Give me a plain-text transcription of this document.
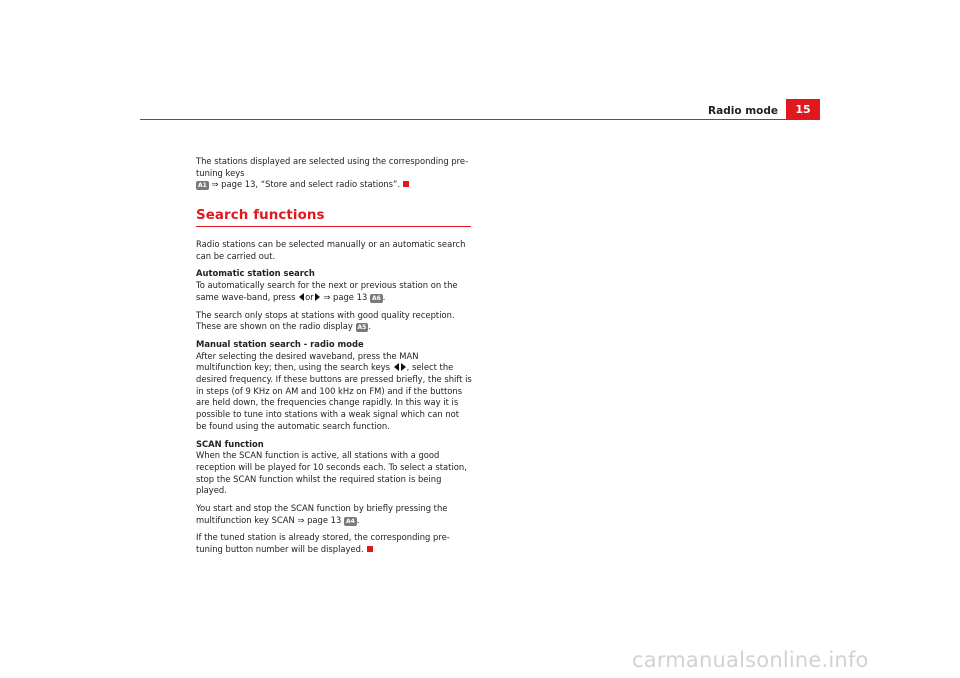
Radio mode	15

The stations displayed are selected using the corresponding pre-tuning keys
A1 ⇒ page 13, “Store and select radio stations”.

Search functions

Radio stations can be selected manually or an automatic search can be carried out.

Automatic station search

To automatically search for the next or previous station on the same wave-band, press or ⇒ page 13 A6 .

The search only stops at stations with good quality reception. These are shown on the radio display A5 .

Manual station search - radio mode

After selecting the desired waveband, press the MAN multifunction key; then, using the search keys , select the desired frequency. If these buttons are pressed briefly, the shift is in steps (of 9 KHz on AM and 100 kHz on FM) and if the buttons are held down, the frequencies change rapidly. In this way it is possible to tune into stations with a weak signal which can not be found using the automatic search function.

SCAN function

When the SCAN function is active, all stations with a good reception will be played for 10 seconds each. To select a station, stop the SCAN function whilst the required station is being played.

You start and stop the SCAN function by briefly pressing the multifunction key SCAN ⇒ page 13 A4 .

If the tuned station is already stored, the corresponding pre-tuning button number will be displayed.

carmanualsonline.info
